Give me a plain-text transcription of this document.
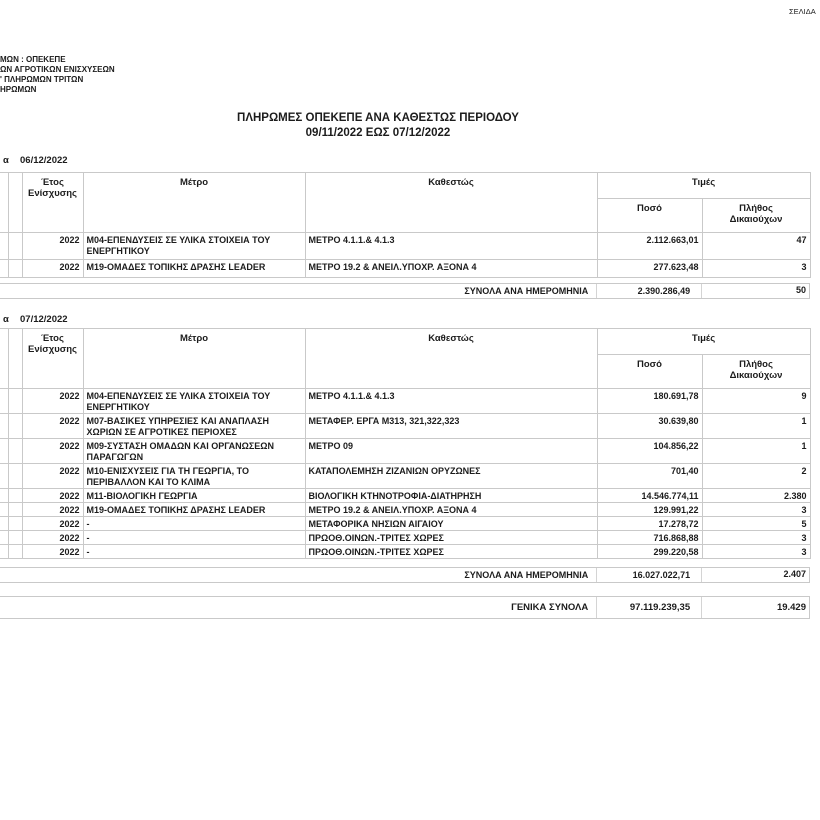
ΣΕΛΙΔΑ
ΜΩΝ : ΟΠΕΚΕΠΕ
ΩΝ ΑΓΡΟΤΙΚΩΝ ΕΝΙΣΧΥΣΕΩΝ
' ΠΛΗΡΩΜΩΝ ΤΡΙΤΩΝ
ΗΡΩΜΩΝ
ΠΛΗΡΩΜΕΣ ΟΠΕΚΕΠΕ ΑΝΑ ΚΑΘΕΣΤΩΣ ΠΕΡΙΟΔΟΥ
09/11/2022 ΕΩΣ 07/12/2022
α 06/12/2022
		Έτος Ενίσχυσης	Μέτρο	Καθεστώς	Τιμές	
					Ποσό	Πλήθος Δικαιούχων
		2022	M04-ΕΠΕΝΔΥΣΕΙΣ ΣΕ ΥΛΙΚΑ ΣΤΟΙΧΕΙΑ ΤΟΥ ΕΝΕΡΓΗΤΙΚΟΥ	ΜΕΤΡΟ 4.1.1.& 4.1.3	2.112.663,01	47
		2022	M19-ΟΜΑΔΕΣ ΤΟΠΙΚΗΣ ΔΡΑΣΗΣ LEADER	ΜΕΤΡΟ 19.2 & ΑΝΕΙΛ.ΥΠΟΧΡ. ΑΞΟΝΑ 4	277.623,48	3
ΣΥΝΟΛΑ ΑΝΑ ΗΜΕΡΟΜΗΝΙΑ	2.390.286,49	50
α 07/12/2022
		Έτος Ενίσχυσης	Μέτρο	Καθεστώς	Τιμές	
					Ποσό	Πλήθος Δικαιούχων
		2022	M04-ΕΠΕΝΔΥΣΕΙΣ ΣΕ ΥΛΙΚΑ ΣΤΟΙΧΕΙΑ ΤΟΥ ΕΝΕΡΓΗΤΙΚΟΥ	ΜΕΤΡΟ 4.1.1.& 4.1.3	180.691,78	9
		2022	M07-ΒΑΣΙΚΕΣ ΥΠΗΡΕΣΙΕΣ ΚΑΙ ΑΝΑΠΛΑΣΗ ΧΩΡΙΩΝ ΣΕ ΑΓΡΟΤΙΚΕΣ ΠΕΡΙΟΧΕΣ	ΜΕΤΑΦΕΡ. ΕΡΓΑ M313, 321,322,323	30.639,80	1
		2022	M09-ΣΥΣΤΑΣΗ ΟΜΑΔΩΝ ΚΑΙ ΟΡΓΑΝΩΣΕΩΝ ΠΑΡΑΓΩΓΩΝ	ΜΕΤΡΟ 09	104.856,22	1
		2022	M10-ΕΝΙΣΧΥΣΕΙΣ ΓΙΑ ΤΗ ΓΕΩΡΓΙΑ, ΤΟ ΠΕΡΙΒΑΛΛΟΝ ΚΑΙ ΤΟ ΚΛΙΜΑ	ΚΑΤΑΠΟΛΕΜΗΣΗ ΖΙΖΑΝΙΩΝ ΟΡΥΖΩΝΕΣ	701,40	2
		2022	M11-ΒΙΟΛΟΓΙΚΗ ΓΕΩΡΓΙΑ	ΒΙΟΛΟΓΙΚΗ ΚΤΗΝΟΤΡΟΦΙΑ-ΔΙΑΤΗΡΗΣΗ	14.546.774,11	2.380
		2022	M19-ΟΜΑΔΕΣ ΤΟΠΙΚΗΣ ΔΡΑΣΗΣ LEADER	ΜΕΤΡΟ 19.2 & ΑΝΕΙΛ.ΥΠΟΧΡ. ΑΞΟΝΑ 4	129.991,22	3
		2022	-	ΜΕΤΑΦΟΡΙΚΑ ΝΗΣΙΩΝ ΑΙΓΑΙΟΥ	17.278,72	5
		2022	-	ΠΡΩΟΘ.ΟΙΝΩΝ.-ΤΡΙΤΕΣ ΧΩΡΕΣ	716.868,88	3
		2022	-	ΠΡΩΟΘ.ΟΙΝΩΝ.-ΤΡΙΤΕΣ ΧΩΡΕΣ	299.220,58	3
ΣΥΝΟΛΑ ΑΝΑ ΗΜΕΡΟΜΗΝΙΑ	16.027.022,71	2.407
ΓΕΝΙΚΑ ΣΥΝΟΛΑ	97.119.239,35	19.429
